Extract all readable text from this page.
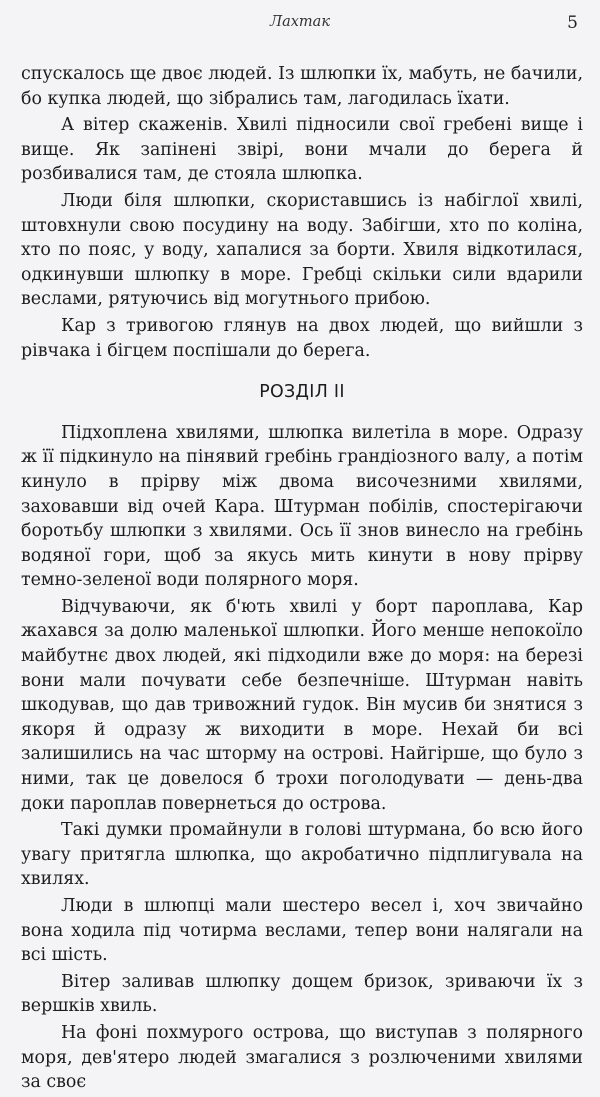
Лахтак	5

спускалось ще двоє людей. Із шлюпки їх, мабуть, не бачили, бо купка людей, що зібрались там, лагодилась їхати.

А вітер скаженів. Хвилі підносили свої гребені вище і вище. Як запінені звірі, вони мчали до берега й розбивалися там, де стояла шлюпка.

Люди біля шлюпки, скориставшись із набіглої хвилі, штовхнули свою посудину на воду. Забігши, хто по коліна, хто по пояс, у воду, хапалися за борти. Хвиля відкотилася, одкинувши шлюпку в море. Гребці скільки сили вдарили веслами, рятуючись від могутнього прибою.

Кар з тривогою глянув на двох людей, що вийшли з рівчака і бігцем поспішали до берега.

РОЗДІЛ II

Підхоплена хвилями, шлюпка вилетіла в море. Одразу ж її підкинуло на пінявий гребінь грандіозного валу, а потім кинуло в прірву між двома височезними хвилями, заховавши від очей Кара. Штурман побілів, спостерігаючи боротьбу шлюпки з хвилями. Ось її знов винесло на гребінь водяної гори, щоб за якусь мить кинути в нову прірву темно-зеленої води полярного моря.

Відчуваючи, як б'ють хвилі у борт пароплава, Кар жахався за долю маленької шлюпки. Його менше непокоїло майбутнє двох людей, які підходили вже до моря: на березі вони мали почувати себе безпечніше. Штурман навіть шкодував, що дав тривожний гудок. Він мусив би знятися з якоря й одразу ж виходити в море. Нехай би всі залишились на час шторму на острові. Найгірше, що було з ними, так це довелося б трохи поголодувати — день-два доки пароплав повернеться до острова.

Такі думки промайнули в голові штурмана, бо всю його увагу притягла шлюпка, що акробатично підплигувала на хвилях.

Люди в шлюпці мали шестеро весел і, хоч звичайно вона ходила під чотирма веслами, тепер вони налягали на всі шість.

Вітер заливав шлюпку дощем бризок, зриваючи їх з вершків хвиль.

На фоні похмурого острова, що виступав з полярного моря, дев'ятеро людей змагалися з розлюченими хвилями за своє
